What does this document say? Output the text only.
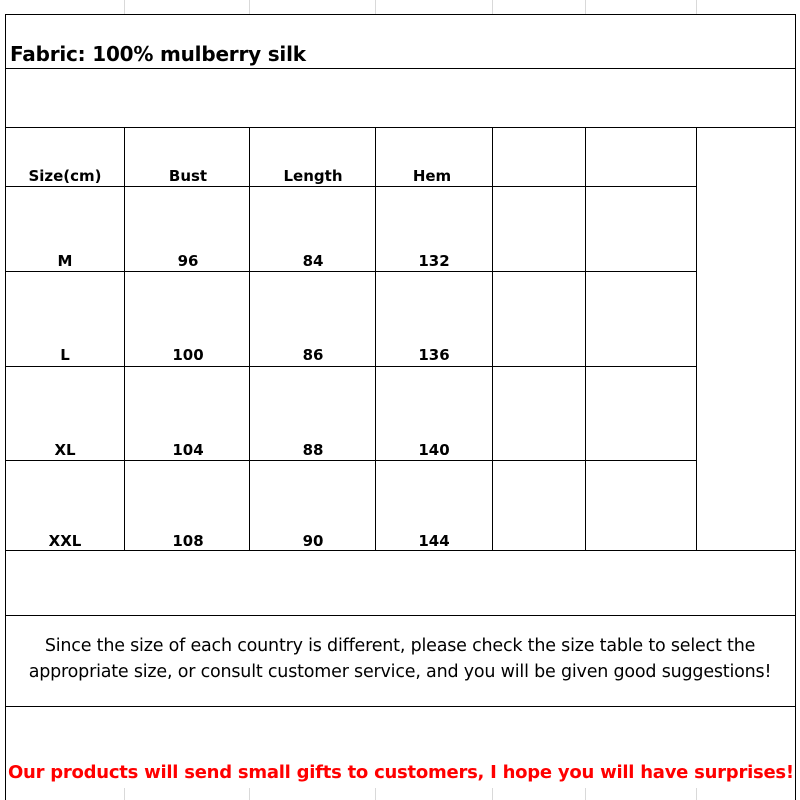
Fabric: 100% mulberry silk
Size(cm)	Bust	Length	Hem
M	96	84	132
L	100	86	136
XL	104	88	140
XXL	108	90	144
Since the size of each country is different, please check the size table to select the
appropriate size, or consult customer service, and you will be given good suggestions!
Our products will send small gifts to customers, I hope you will have surprises!
